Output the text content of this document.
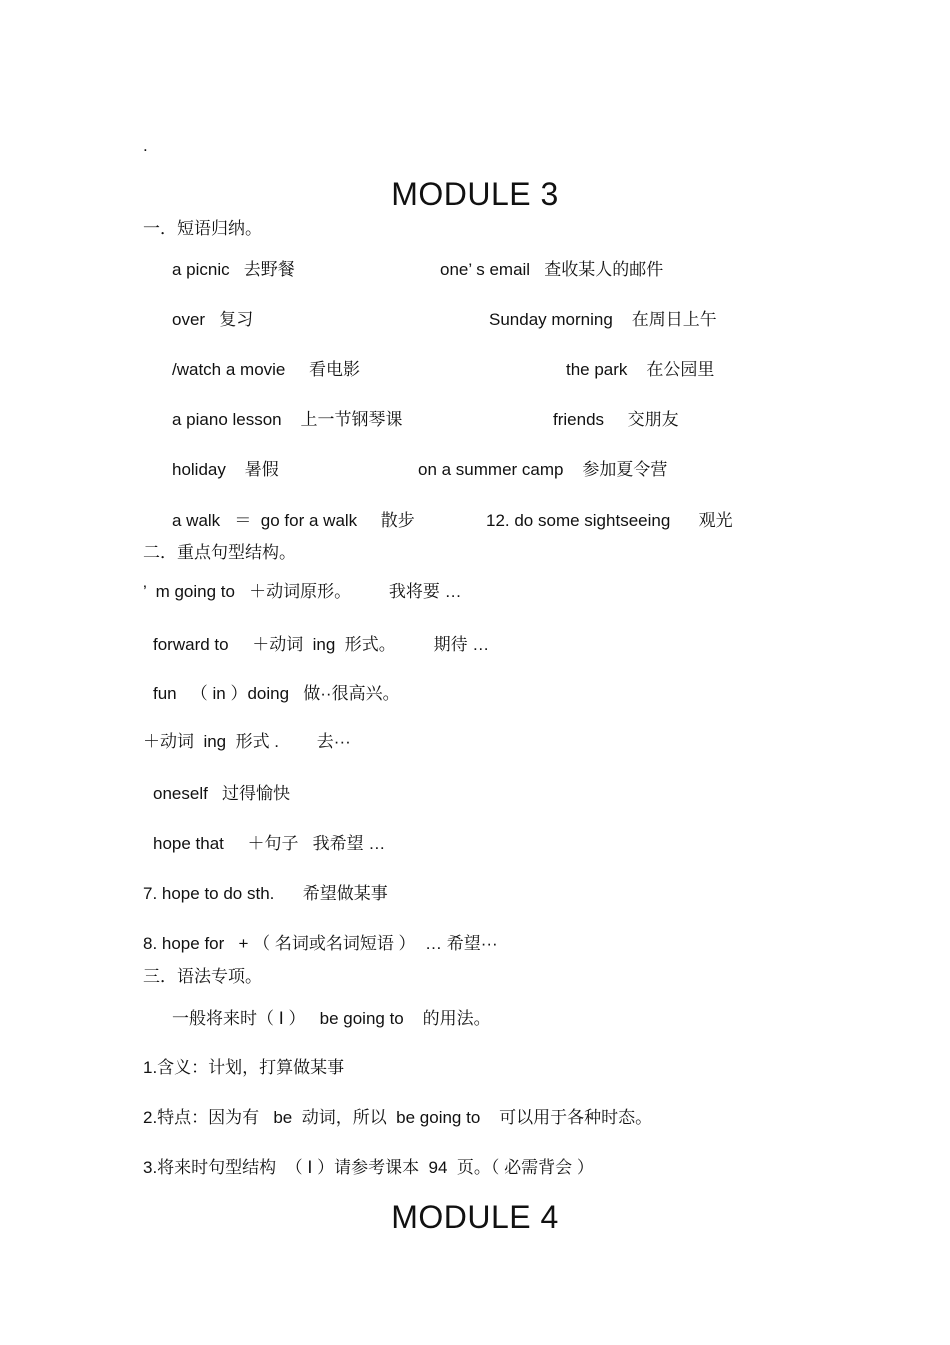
.
MODULE 3
一．短语归纳。
a picnic   去野餐	one’ s email   查收某人的邮件
over   复习	Sunday morning    在周日上午
/watch a movie     看电影	the park    在公园里
a piano lesson    上一节钢琴课	friends     交朋友
holiday    暑假	on a summer camp    参加夏令营
a walk   ＝  go for a walk     散步	12. do some sightseeing      观光
二．重点句型结构。
’  m going to   ＋动词原形。        我将要 …
forward to     ＋动词  ing  形式。        期待 …
fun   （ in ）doing   做··很高兴。
＋动词  ing  形式 .        去···
oneself   过得愉快
hope that     ＋句子   我希望 …
7. hope to do sth.      希望做某事
8. hope for   + （ 名词或名词短语 ）  … 希望···
三．语法专项。
一般将来时（ Ⅰ ）   be going to    的用法。
1.含义：计划，打算做某事
2.特点：因为有   be  动词，所以  be going to    可以用于各种时态。
3.将来时句型结构  （ Ⅰ ）请参考课本  94  页。（ 必需背会 ）
MODULE 4
